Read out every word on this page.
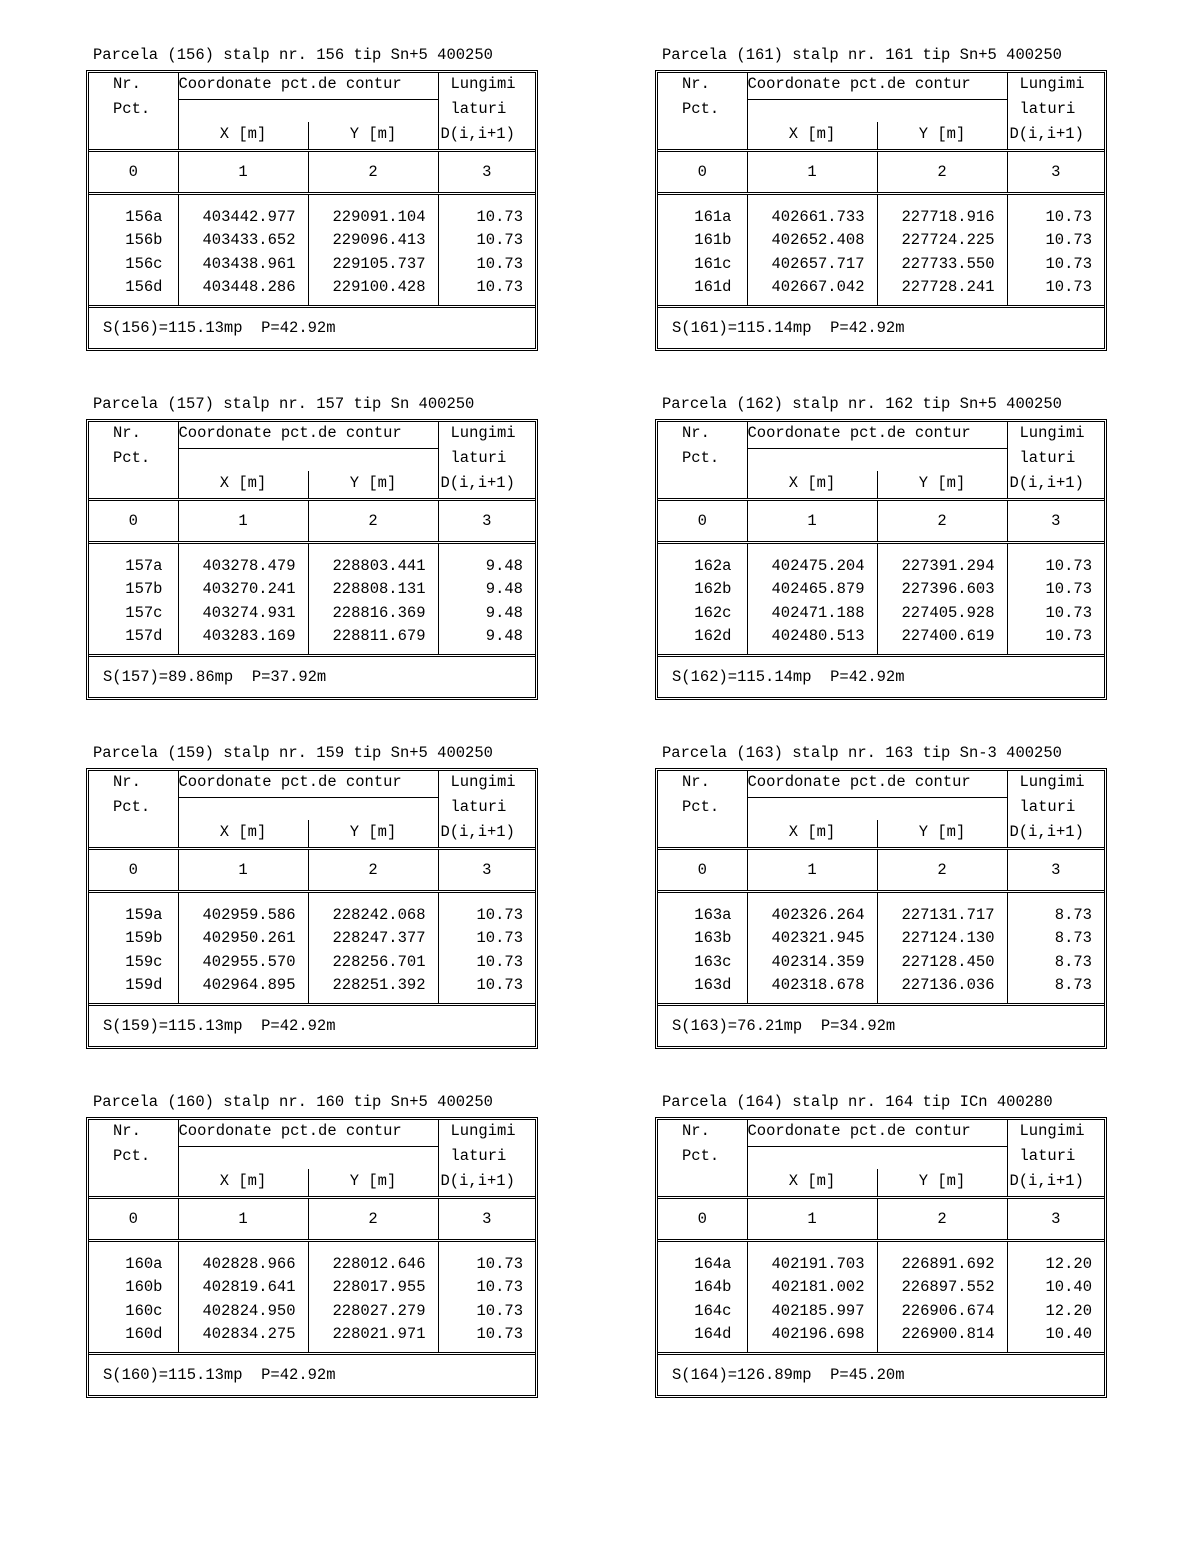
Parcela (156) stalp nr. 156 tip Sn+5 400250
Nr.	Coordonate pct.de contur		Lungimi
Pct.			laturi
	X [m]	Y [m]	D(i,i+1)
0	1	2	3
156a	403442.977	229091.104	10.73
156b	403433.652	229096.413	10.73
156c	403438.961	229105.737	10.73
156d	403448.286	229100.428	10.73
S(156)=115.13mp  P=42.92m			
Parcela (161) stalp nr. 161 tip Sn+5 400250
Nr.	Coordonate pct.de contur		Lungimi
Pct.			laturi
	X [m]	Y [m]	D(i,i+1)
0	1	2	3
161a	402661.733	227718.916	10.73
161b	402652.408	227724.225	10.73
161c	402657.717	227733.550	10.73
161d	402667.042	227728.241	10.73
S(161)=115.14mp  P=42.92m			
Parcela (157) stalp nr. 157 tip Sn 400250
Nr.	Coordonate pct.de contur		Lungimi
Pct.			laturi
	X [m]	Y [m]	D(i,i+1)
0	1	2	3
157a	403278.479	228803.441	9.48
157b	403270.241	228808.131	9.48
157c	403274.931	228816.369	9.48
157d	403283.169	228811.679	9.48
S(157)=89.86mp  P=37.92m			
Parcela (162) stalp nr. 162 tip Sn+5 400250
Nr.	Coordonate pct.de contur		Lungimi
Pct.			laturi
	X [m]	Y [m]	D(i,i+1)
0	1	2	3
162a	402475.204	227391.294	10.73
162b	402465.879	227396.603	10.73
162c	402471.188	227405.928	10.73
162d	402480.513	227400.619	10.73
S(162)=115.14mp  P=42.92m			
Parcela (159) stalp nr. 159 tip Sn+5 400250
Nr.	Coordonate pct.de contur		Lungimi
Pct.			laturi
	X [m]	Y [m]	D(i,i+1)
0	1	2	3
159a	402959.586	228242.068	10.73
159b	402950.261	228247.377	10.73
159c	402955.570	228256.701	10.73
159d	402964.895	228251.392	10.73
S(159)=115.13mp  P=42.92m			
Parcela (163) stalp nr. 163 tip Sn-3 400250
Nr.	Coordonate pct.de contur		Lungimi
Pct.			laturi
	X [m]	Y [m]	D(i,i+1)
0	1	2	3
163a	402326.264	227131.717	8.73
163b	402321.945	227124.130	8.73
163c	402314.359	227128.450	8.73
163d	402318.678	227136.036	8.73
S(163)=76.21mp  P=34.92m			
Parcela (160) stalp nr. 160 tip Sn+5 400250
Nr.	Coordonate pct.de contur		Lungimi
Pct.			laturi
	X [m]	Y [m]	D(i,i+1)
0	1	2	3
160a	402828.966	228012.646	10.73
160b	402819.641	228017.955	10.73
160c	402824.950	228027.279	10.73
160d	402834.275	228021.971	10.73
S(160)=115.13mp  P=42.92m			
Parcela (164) stalp nr. 164 tip ICn 400280
Nr.	Coordonate pct.de contur		Lungimi
Pct.			laturi
	X [m]	Y [m]	D(i,i+1)
0	1	2	3
164a	402191.703	226891.692	12.20
164b	402181.002	226897.552	10.40
164c	402185.997	226906.674	12.20
164d	402196.698	226900.814	10.40
S(164)=126.89mp  P=45.20m			
